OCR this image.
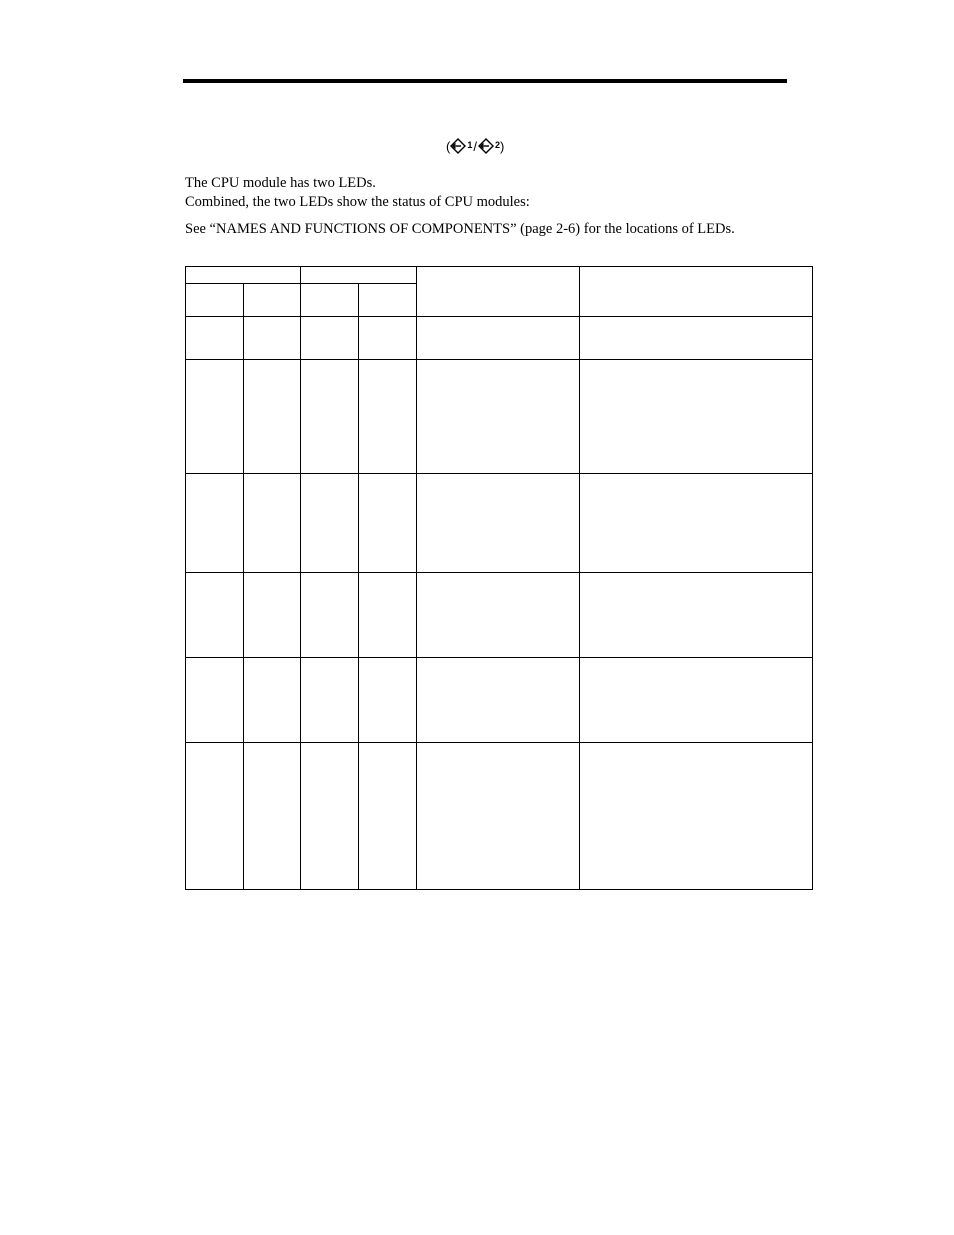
( 1 / 2 )
The CPU module has two LEDs.
Combined, the two LEDs show the status of CPU modules:
See “NAMES AND FUNCTIONS OF COMPONENTS” (page 2-6) for the locations of LEDs.
